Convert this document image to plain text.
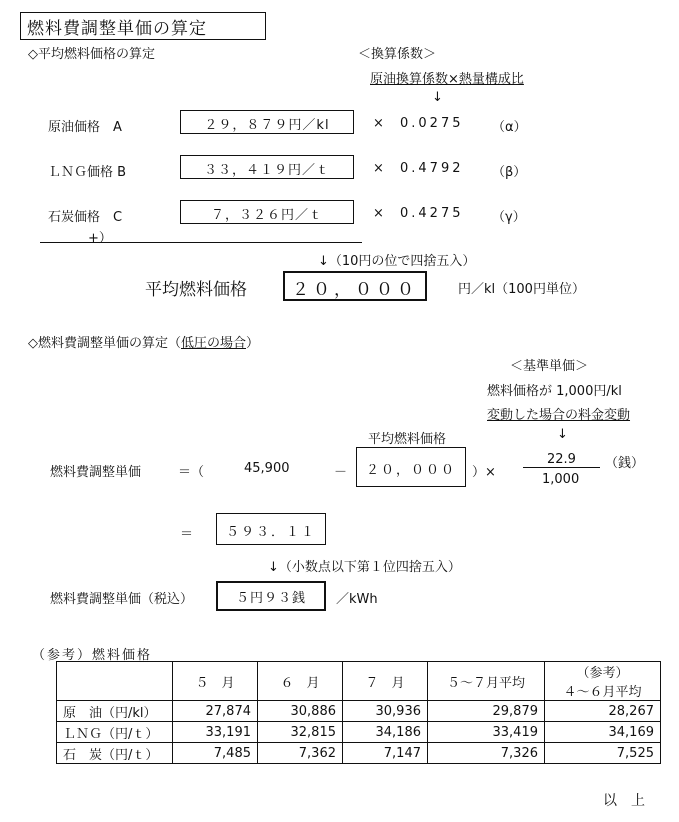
燃料費調整単価の算定
◇平均燃料価格の算定	＜換算係数＞
原油換算係数×熱量構成比
↓
原油価格　A	２９，８７９円／kl	× 0.0275 （α）
ＬＮＧ価格 B	３３，４１９円／ｔ	× 0.4792 （β）
石炭価格　C	７，３２６円／ｔ	× 0.4275 （γ）
+）
↓（10円の位で四捨五入）
平均燃料価格	２０，０００	円／kl（100円単位）
◇燃料費調整単価の算定（低圧の場合）
＜基準単価＞
燃料価格が 1,000円/kl
変動した場合の料金変動
↓
平均燃料価格
燃料費調整単価	＝（	45,900	－	２０，０００	）×
22.9
1,000
（銭）
＝	５９３．１１
↓（小数点以下第１位四捨五入）
燃料費調整単価（税込）	５円９３銭	／kWh
（参考）燃料価格
	５　月	６　月	７　月	５～７月平均	（参考）
４～６月平均

原　油（円/kl）	27,874	30,886	30,936	29,879	28,267
ＬＮＧ（円/ｔ）	33,191	32,815	34,186	33,419	34,169
石　炭（円/ｔ）	7,485	7,362	7,147	7,326	7,525
以　上
